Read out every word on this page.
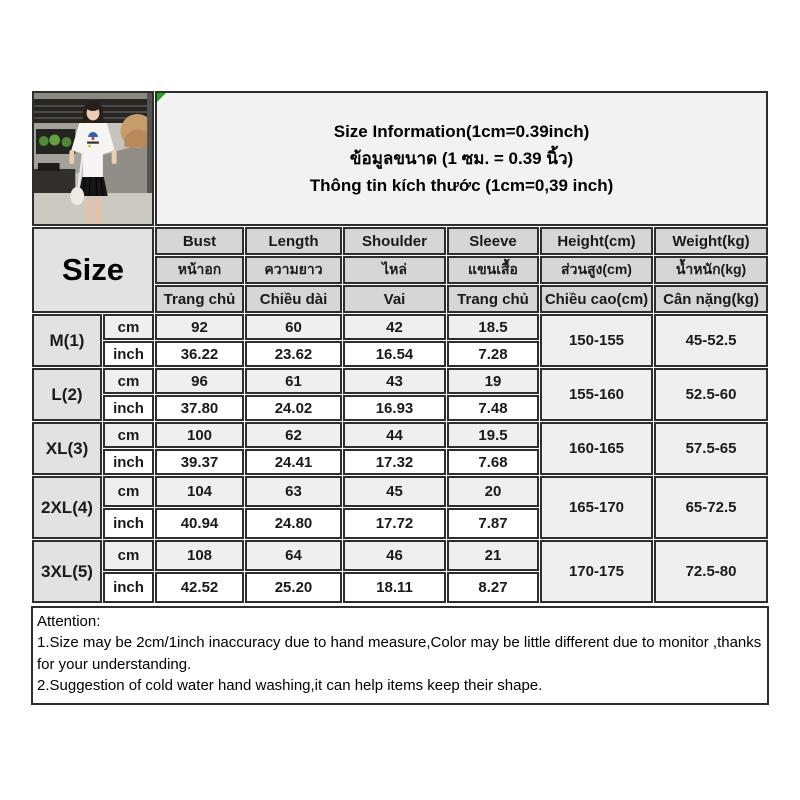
Size Information(1cm=0.39inch)
ข้อมูลขนาด (1 ซม. = 0.39 นิ้ว)
Thông tin kích thước (1cm=0,39 inch)					

Size		Bust	Length	Shoulder	Sleeve	Height(cm)	Weight(kg)
		หน้าอก	ความยาว	ไหล่	แขนเสื้อ	ส่วนสูง(cm)	น้ำหนัก(kg)
		Trang chủ	Chiều dài	Vai	Trang chủ	Chiều cao(cm)	Cân nặng(kg)
M(1)	cm	92	60	42	18.5	150-155	45-52.5
	inch	36.22	23.62	16.54	7.28		
L(2)	cm	96	61	43	19	155-160	52.5-60
	inch	37.80	24.02	16.93	7.48		
XL(3)	cm	100	62	44	19.5	160-165	57.5-65
	inch	39.37	24.41	17.32	7.68		
2XL(4)	cm	104	63	45	20	165-170	65-72.5
	inch	40.94	24.80	17.72	7.87		
3XL(5)	cm	108	64	46	21	170-175	72.5-80
	inch	42.52	25.20	18.11	8.27		
Attention:
1.Size may be 2cm/1inch inaccuracy due to hand measure,Color may be little different due to monitor ,thanks for your understanding.
2.Suggestion of cold water hand washing,it can help items keep their shape.
